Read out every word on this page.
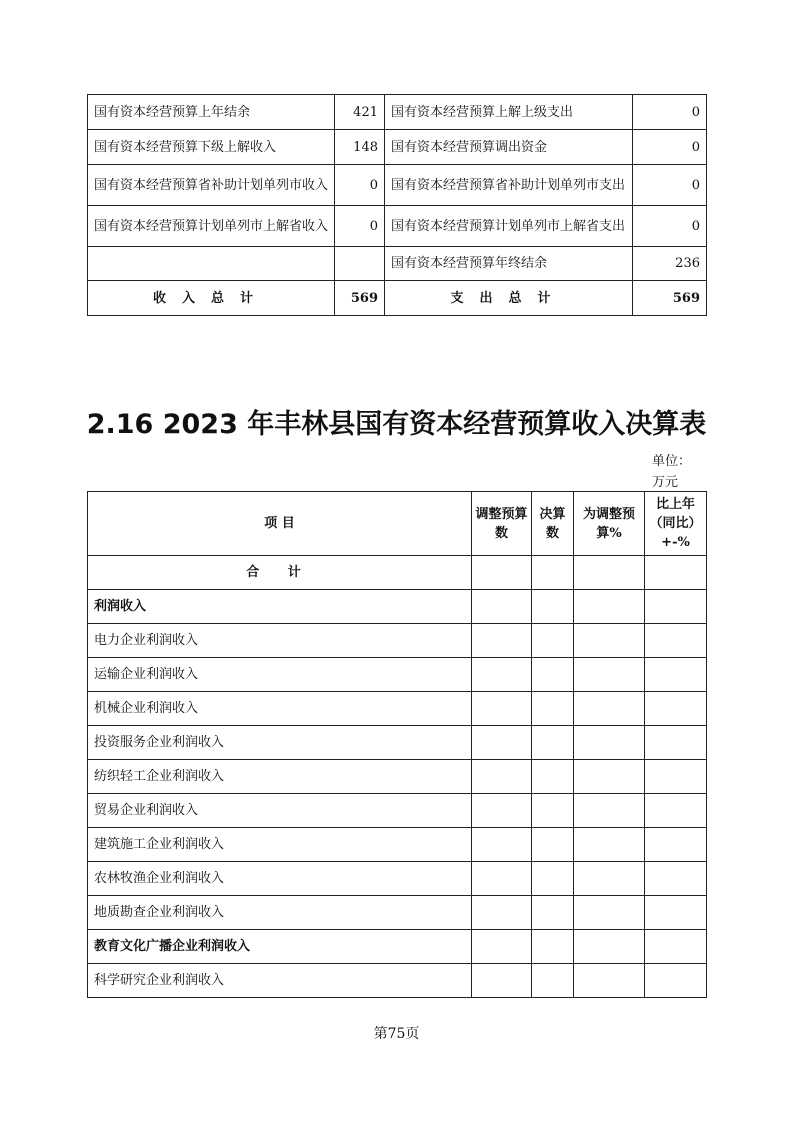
国有资本经营预算上年结余	421	国有资本经营预算上解上级支出	0
国有资本经营预算下级上解收入	148	国有资本经营预算调出资金	0
国有资本经营预算省补助计划单列市收入	0	国有资本经营预算省补助计划单列市支出	0
国有资本经营预算计划单列市上解省收入	0	国有资本经营预算计划单列市上解省支出	0
		国有资本经营预算年终结余	236
收入总计	569	支出总计	569
2.16 2023 年丰林县国有资本经营预算收入决算表
单位：万元
项 目	调整预算数	决算数	为调整预算%	比上年（同比）+-%
合 计				
利润收入				
电力企业利润收入				
运输企业利润收入				
机械企业利润收入				
投资服务企业利润收入				
纺织轻工企业利润收入				
贸易企业利润收入				
建筑施工企业利润收入				
农林牧渔企业利润收入				
地质勘查企业利润收入				
教育文化广播企业利润收入				
科学研究企业利润收入				
第75页
